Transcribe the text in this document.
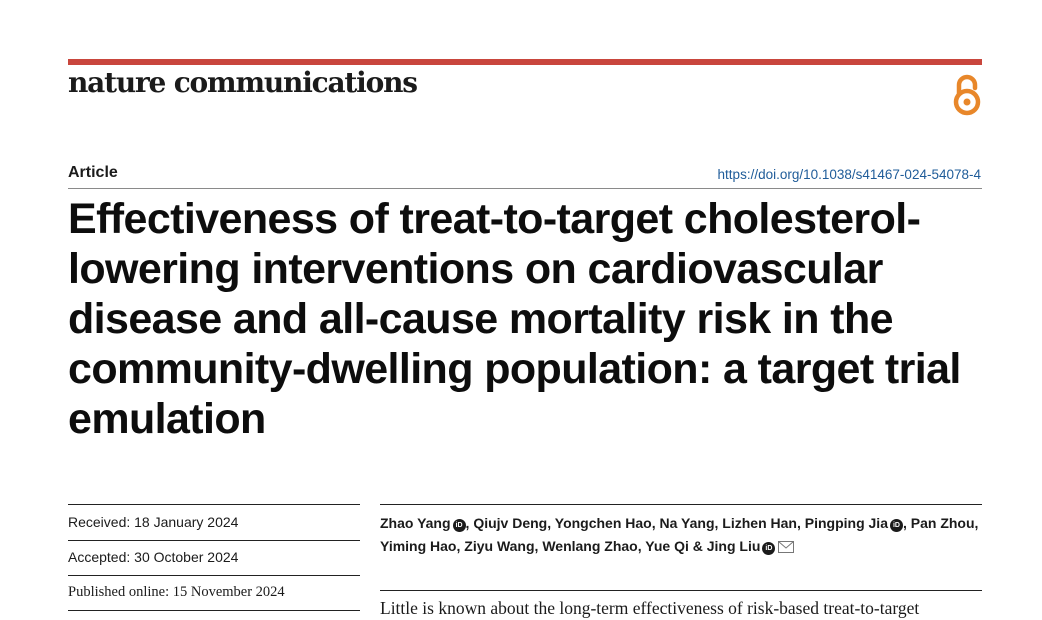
nature communications
Article	https://doi.org/10.1038/s41467-024-54078-4
Effectiveness of treat-to-target cholesterol-lowering interventions on cardiovascular disease and all-cause mortality risk in the community-dwelling population: a target trial emulation
Received: 18 January 2024
Accepted: 30 October 2024
Published online: 15 November 2024
Zhao Yang iD , Qiujv Deng, Yongchen Hao, Na Yang, Lizhen Han, Pingping Jia iD , Pan Zhou, Yiming Hao, Ziyu Wang, Wenlang Zhao, Yue Qi & Jing Liu iD
Little is known about the long-term effectiveness of risk-based treat-to-target
